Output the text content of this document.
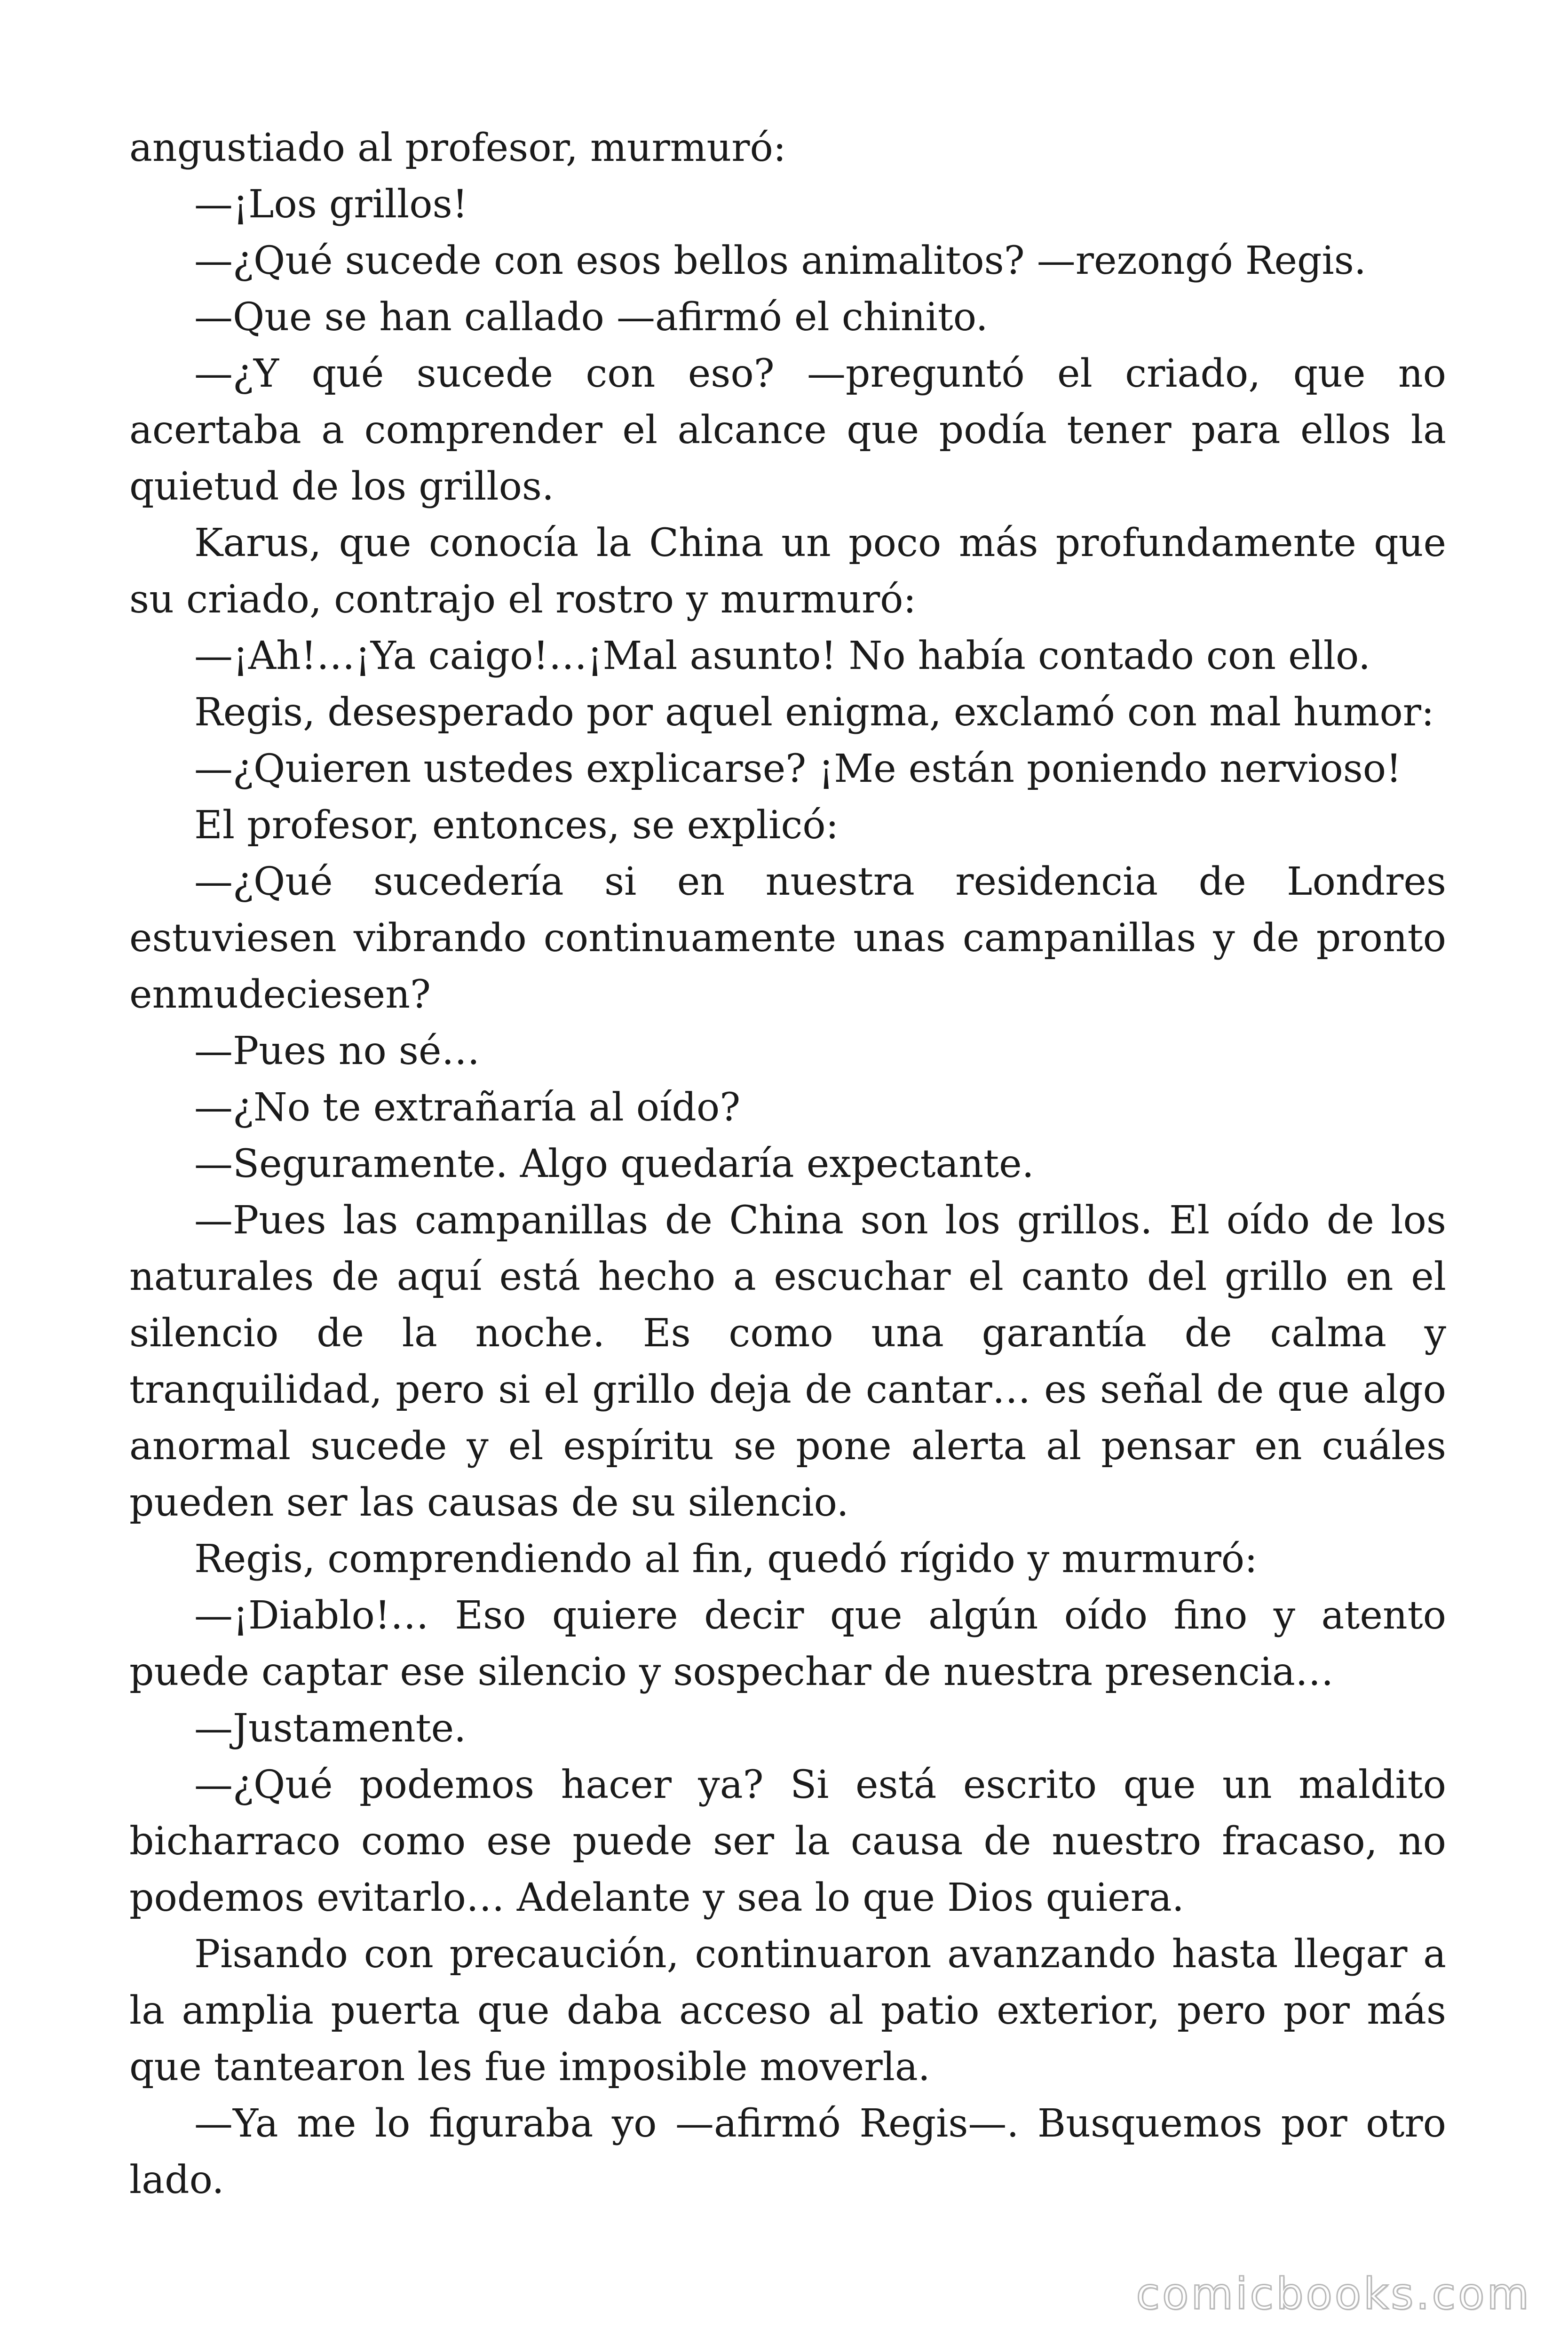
angustiado al profesor, murmuró:

—¡Los grillos!

—¿Qué sucede con esos bellos animalitos? —rezongó Regis.

—Que se han callado —afirmó el chinito.

—¿Y qué sucede con eso? —preguntó el criado, que no acertaba a comprender el alcance que podía tener para ellos la quietud de los grillos.

Karus, que conocía la China un poco más profundamente que su criado, contrajo el rostro y murmuró:

—¡Ah!…¡Ya caigo!…¡Mal asunto! No había contado con ello.

Regis, desesperado por aquel enigma, exclamó con mal humor:

—¿Quieren ustedes explicarse? ¡Me están poniendo nervioso!

El profesor, entonces, se explicó:

—¿Qué sucedería si en nuestra residencia de Londres estuviesen vibrando continuamente unas campanillas y de pronto enmudeciesen?

—Pues no sé…

—¿No te extrañaría al oído?

—Seguramente. Algo quedaría expectante.

—Pues las campanillas de China son los grillos. El oído de los naturales de aquí está hecho a escuchar el canto del grillo en el silencio de la noche. Es como una garantía de calma y tranquilidad, pero si el grillo deja de cantar… es señal de que algo anormal sucede y el espíritu se pone alerta al pensar en cuáles pueden ser las causas de su silencio.

Regis, comprendiendo al fin, quedó rígido y murmuró:

—¡Diablo!… Eso quiere decir que algún oído fino y atento puede captar ese silencio y sospechar de nuestra presencia…

—Justamente.

—¿Qué podemos hacer ya? Si está escrito que un maldito bicharraco como ese puede ser la causa de nuestro fracaso, no podemos evitarlo… Adelante y sea lo que Dios quiera.

Pisando con precaución, continuaron avanzando hasta llegar a la amplia puerta que daba acceso al patio exterior, pero por más que tantearon les fue imposible moverla.

—Ya me lo figuraba yo —afirmó Regis—. Busquemos por otro lado.

comicbooks.com
